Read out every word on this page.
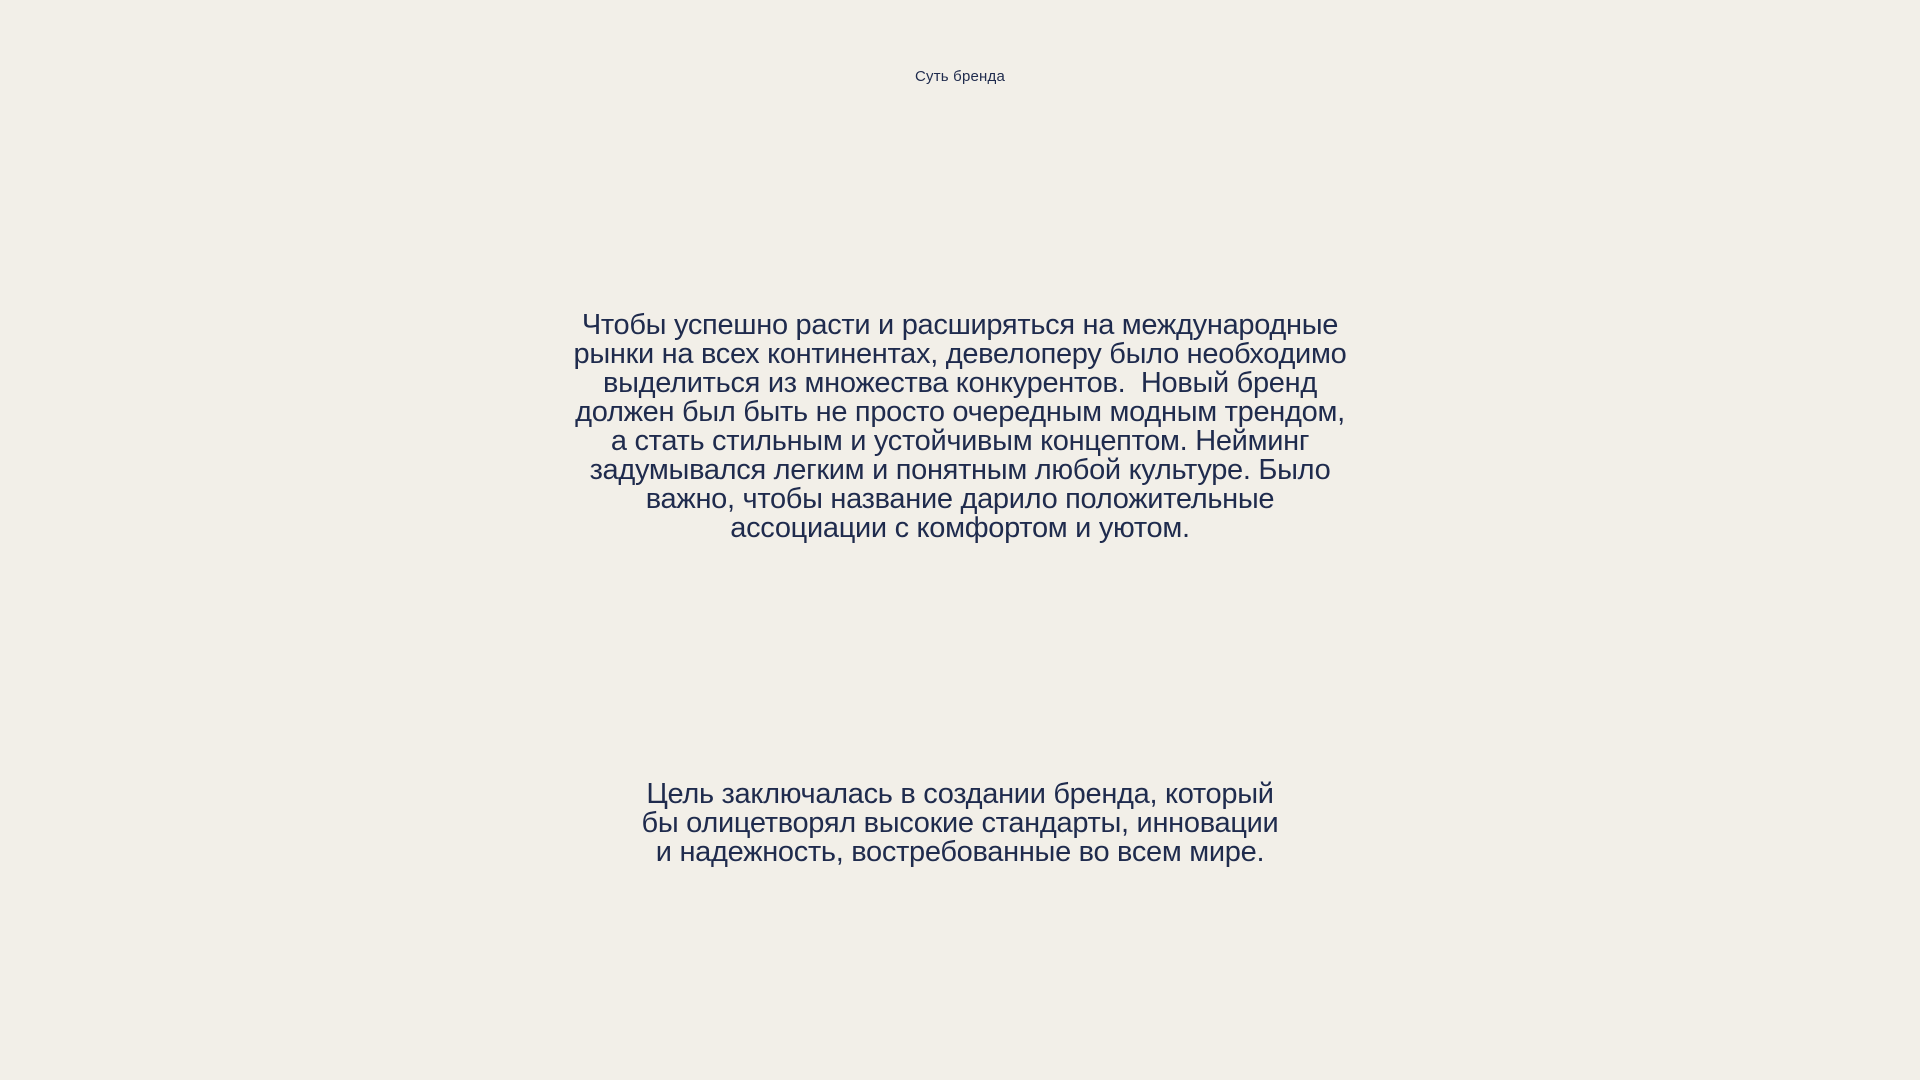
Суть бренда
Чтобы успешно расти и расширяться на международные
рынки на всех континентах, девелоперу было необходимо
выделиться из множества конкурентов.  Новый бренд
должен был быть не просто очередным модным трендом,
а стать стильным и устойчивым концептом. Нейминг
задумывался легким и понятным любой культуре. Было
важно, чтобы название дарило положительные
ассоциации с комфортом и уютом.
Цель заключалась в создании бренда, который
бы олицетворял высокие стандарты, инновации
и надежность, востребованные во всем мире.
